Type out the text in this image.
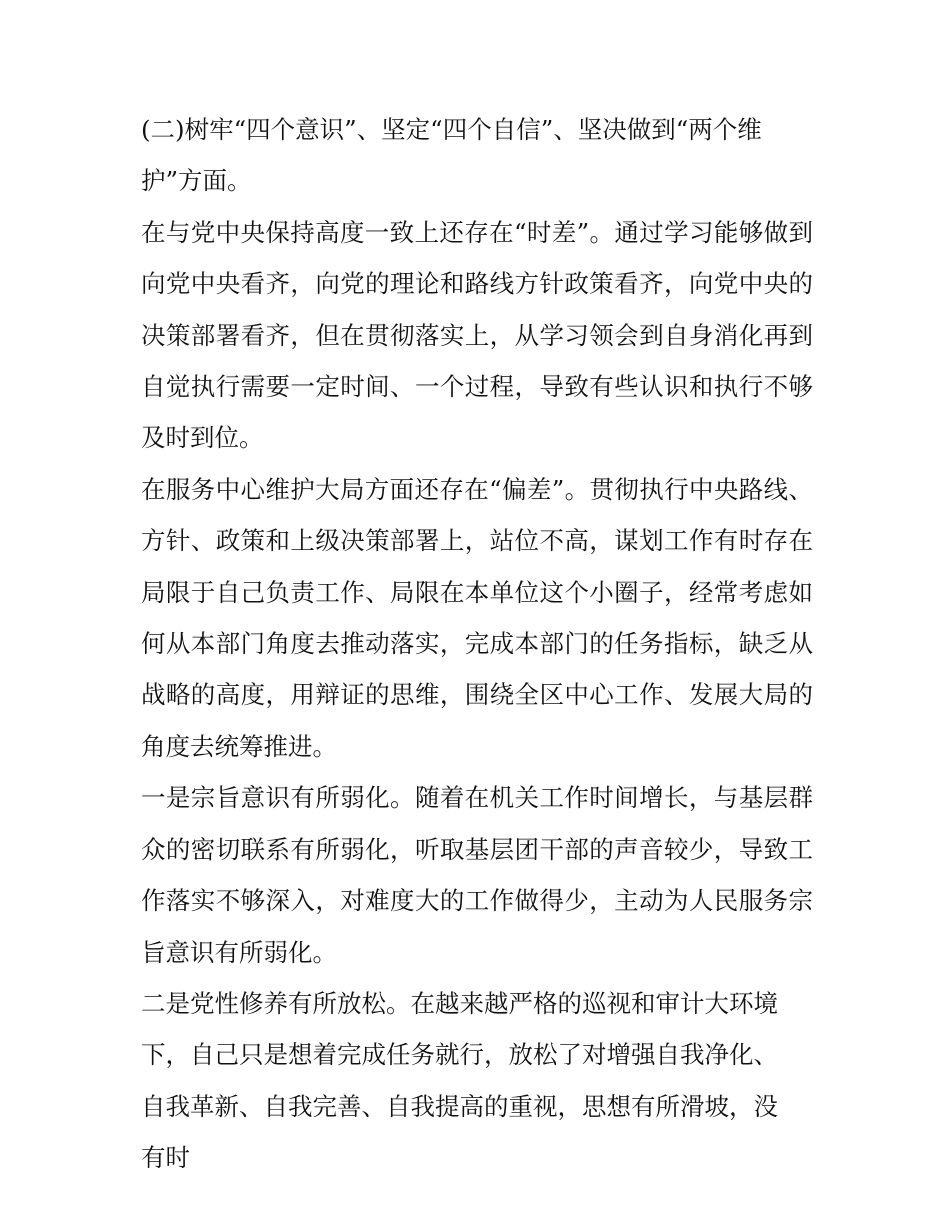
(二)树牢“四个意识”、坚定“四个自信”、坚决做到“两个维护”方面。

在与党中央保持高度一致上还存在“时差”。通过学习能够做到向党中央看齐，向党的理论和路线方针政策看齐，向党中央的决策部署看齐，但在贯彻落实上，从学习领会到自身消化再到自觉执行需要一定时间、一个过程，导致有些认识和执行不够及时到位。

在服务中心维护大局方面还存在“偏差”。贯彻执行中央路线、方针、政策和上级决策部署上，站位不高，谋划工作有时存在局限于自己负责工作、局限在本单位这个小圈子，经常考虑如何从本部门角度去推动落实，完成本部门的任务指标，缺乏从战略的高度，用辩证的思维，围绕全区中心工作、发展大局的角度去统筹推进。

一是宗旨意识有所弱化。随着在机关工作时间增长，与基层群众的密切联系有所弱化，听取基层团干部的声音较少，导致工作落实不够深入，对难度大的工作做得少，主动为人民服务宗旨意识有所弱化。

二是党性修养有所放松。在越来越严格的巡视和审计大环境下，自己只是想着完成任务就行，放松了对增强自我净化、自我革新、自我完善、自我提高的重视，思想有所滑坡，没有时
